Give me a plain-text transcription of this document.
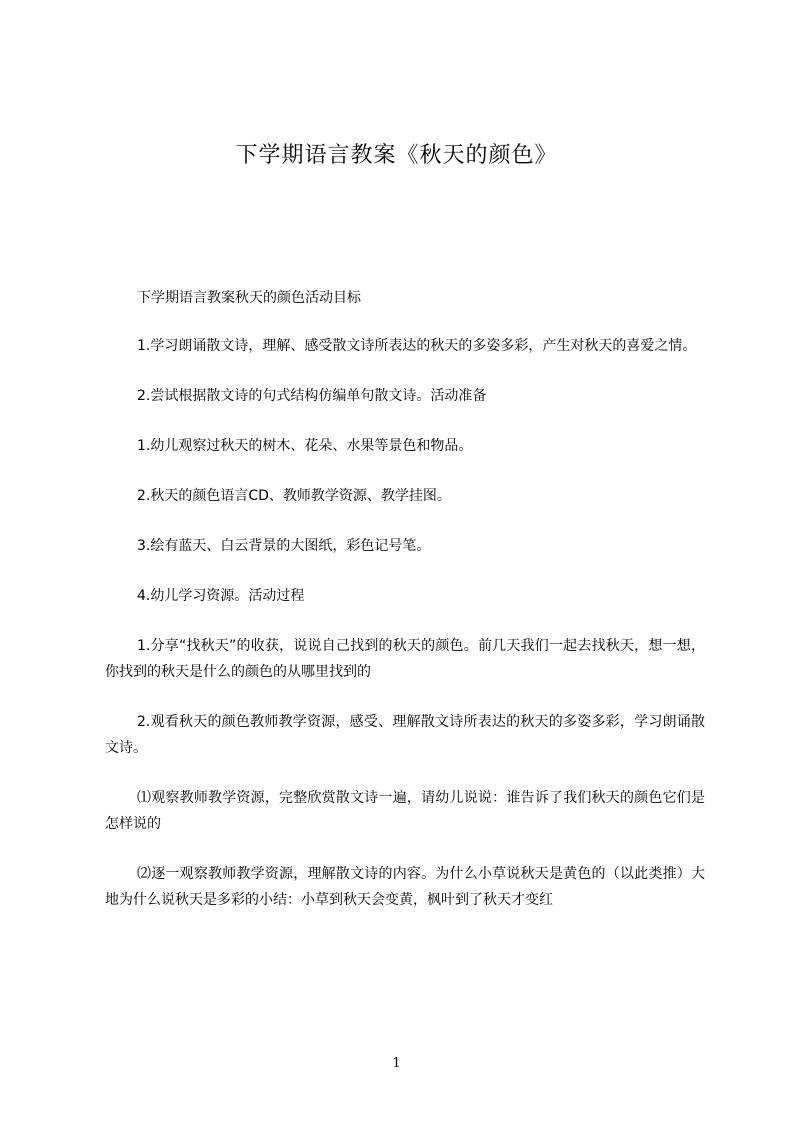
下学期语言教案《秋天的颜色》

下学期语言教案秋天的颜色活动目标

1.学习朗诵散文诗，理解、感受散文诗所表达的秋天的多姿多彩，产生对秋天的喜爱之情。

2.尝试根据散文诗的句式结构仿编单句散文诗。活动准备

1.幼儿观察过秋天的树木、花朵、水果等景色和物品。

2.秋天的颜色语言CD、教师教学资源、教学挂图。

3.绘有蓝天、白云背景的大图纸，彩色记号笔。

4.幼儿学习资源。活动过程

1.分享“找秋天”的收获，说说自己找到的秋天的颜色。前几天我们一起去找秋天，想一想，你找到的秋天是什么的颜色的从哪里找到的

2.观看秋天的颜色教师教学资源，感受、理解散文诗所表达的秋天的多姿多彩，学习朗诵散文诗。

⑴观察教师教学资源，完整欣赏散文诗一遍，请幼儿说说：谁告诉了我们秋天的颜色它们是怎样说的

⑵逐一观察教师教学资源，理解散文诗的内容。为什么小草说秋天是黄色的（以此类推）大地为什么说秋天是多彩的小结：小草到秋天会变黄，枫叶到了秋天才变红

1
